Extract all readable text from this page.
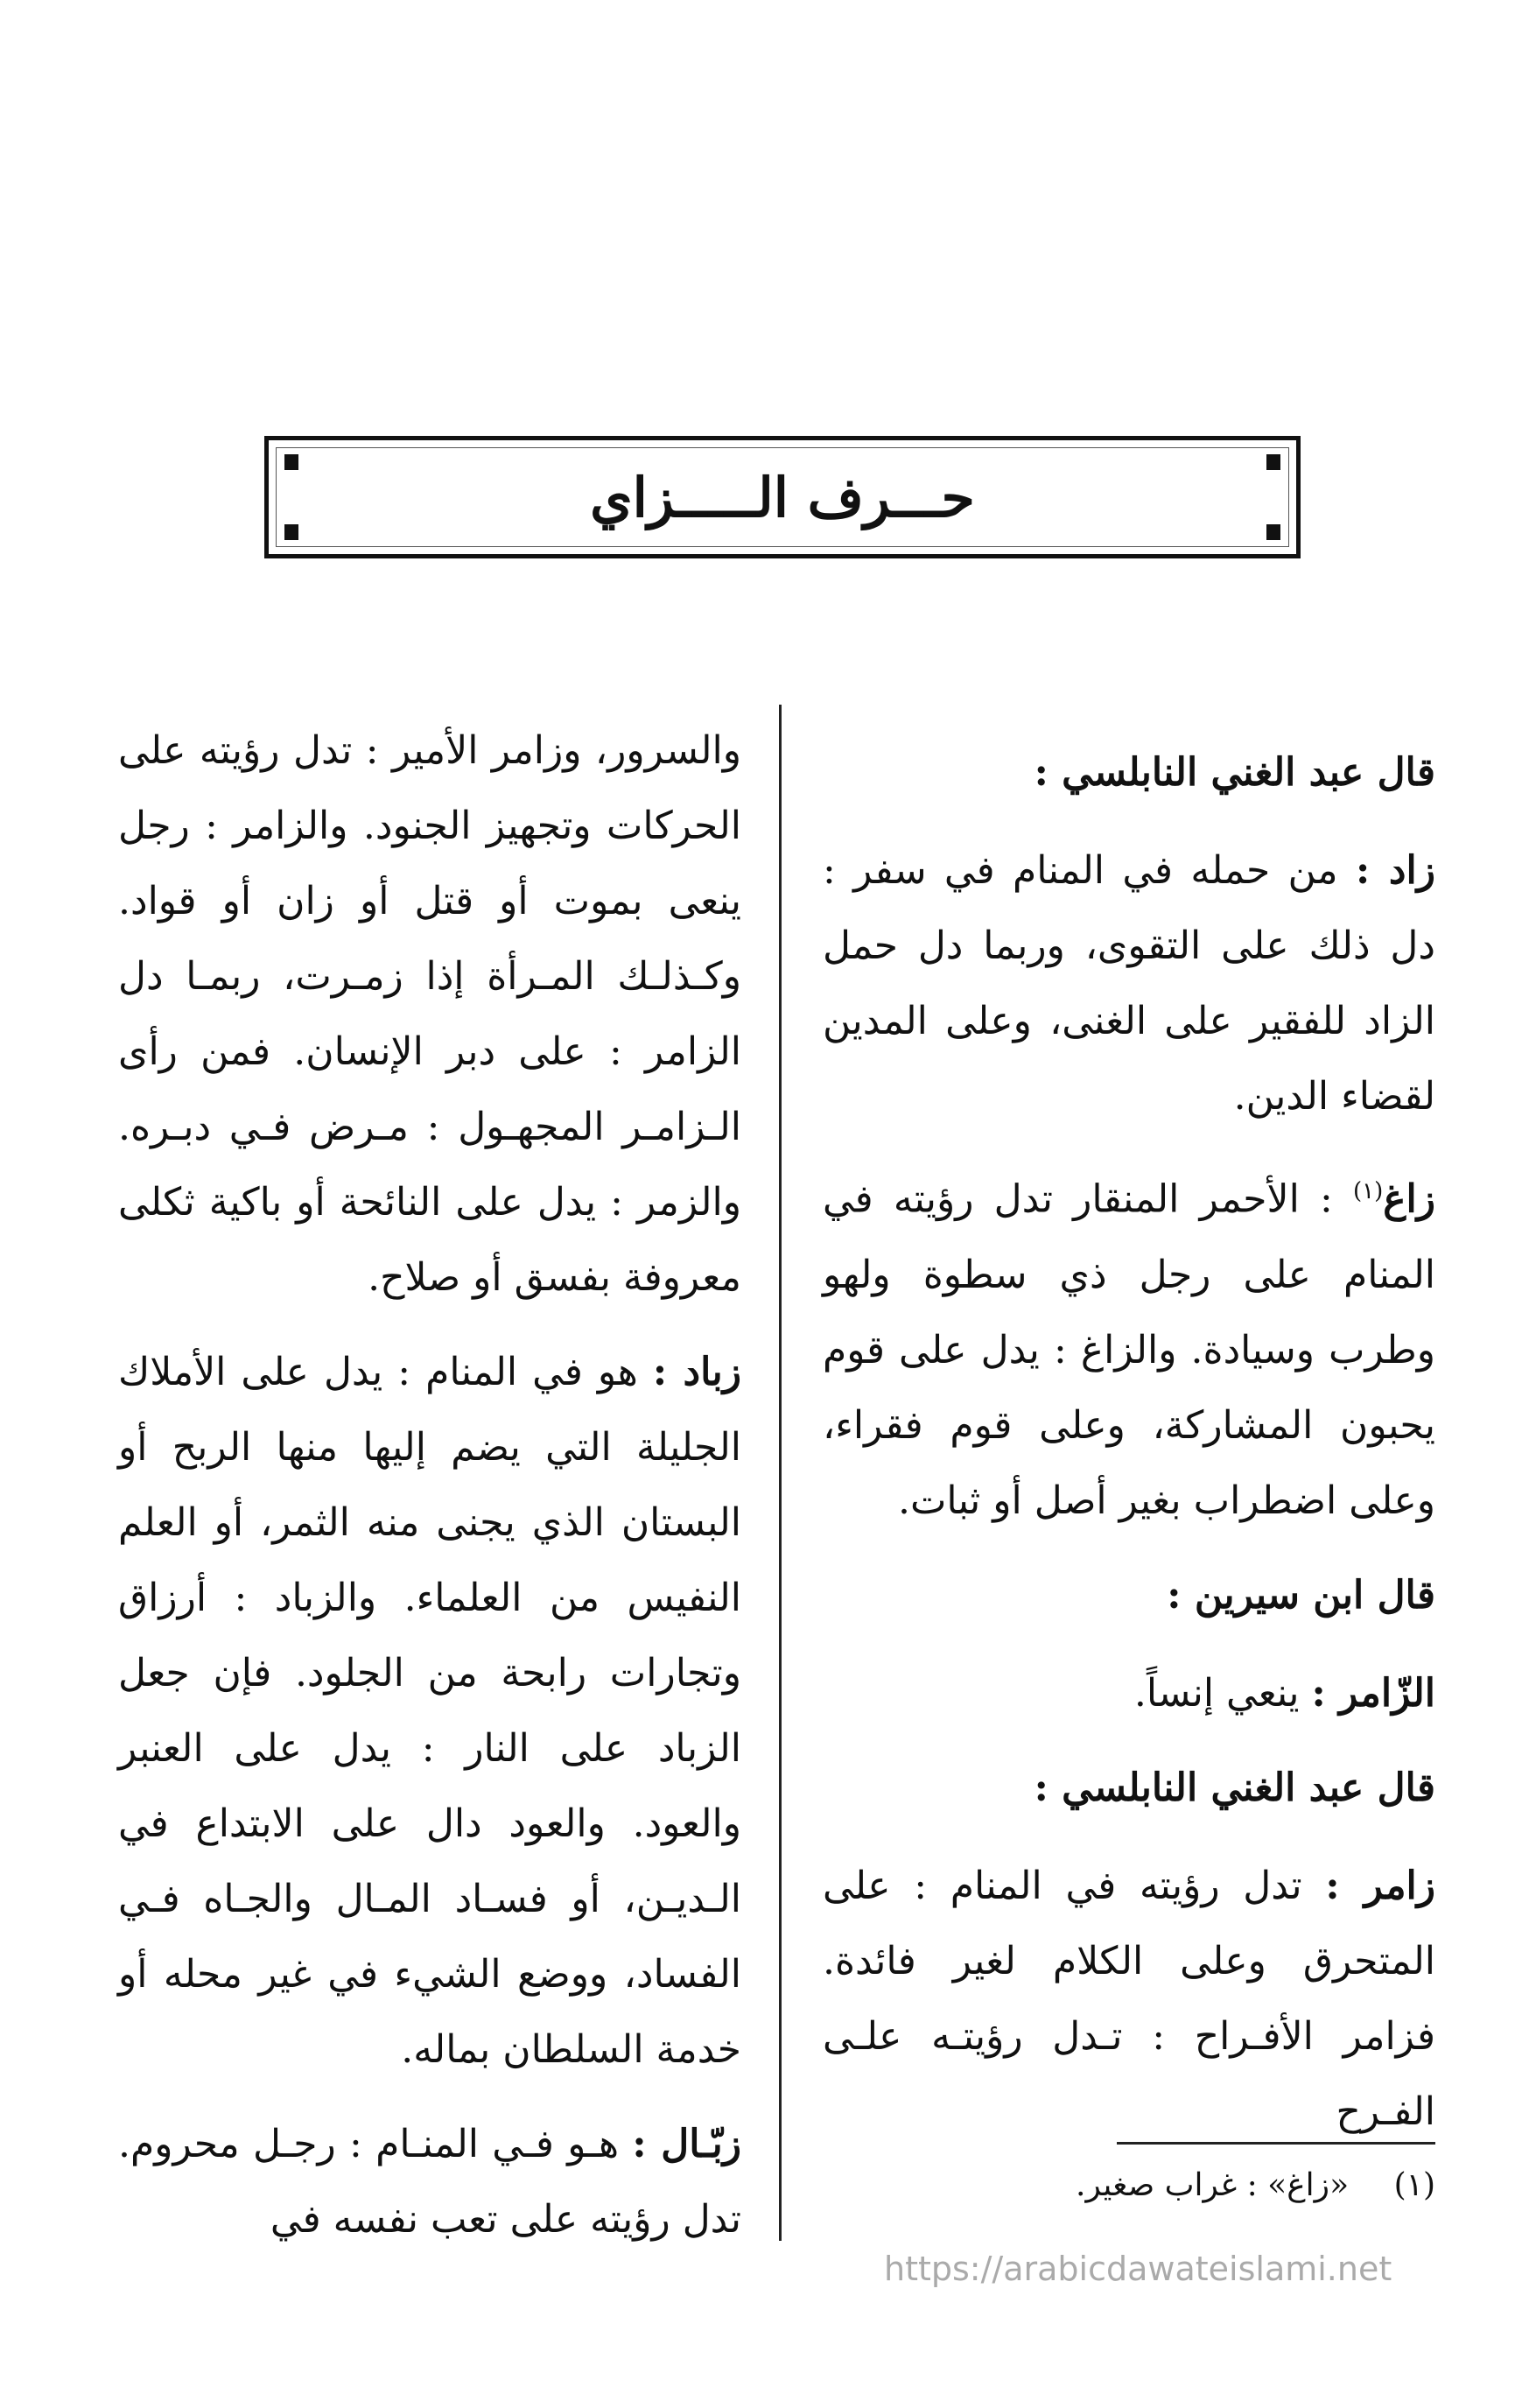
حـــرف الـــــزاي

قال عبد الغني النابلسي :

زاد : من حمله في المنام في سفر : دل ذلك على التقوى، وربما دل حمل الزاد للفقير على الغنى، وعلى المدين لقضاء الدين.

زاغ$^{(١)}$ : الأحمر المنقار تدل رؤيته في المنام على رجل ذي سطوة ولهو وطرب وسيادة. والزاغ : يدل على قوم يحبون المشاركة، وعلى قوم فقراء، وعلى اضطراب بغير أصل أو ثبات.

قال ابن سيرين :

الزّامر : ينعي إنساً.

قال عبد الغني النابلسي :

زامر : تدل رؤيته في المنام : على المتحرق وعلى الكلام لغير فائدة. فزامر الأفـراح : تـدل رؤيتـه علـى الفـرح

والسرور، وزامر الأمير : تدل رؤيته على الحركات وتجهيز الجنود. والزامر : رجل ينعى بموت أو قتل أو زان أو قواد. وكـذلـك المـرأة إذا زمـرت، ربمـا دل الزامر : على دبر الإنسان. فمن رأى الـزامـر المجهـول : مـرض فـي دبـره. والزمر : يدل على النائحة أو باكية ثكلى معروفة بفسق أو صلاح.

زباد : هو في المنام : يدل على الأملاك الجليلة التي يضم إليها منها الربح أو البستان الذي يجنى منه الثمر، أو العلم النفيس من العلماء. والزباد : أرزاق وتجارات رابحة من الجلود. فإن جعل الزباد على النار : يدل على العنبر والعود. والعود دال على الابتداع في الـديـن، أو فسـاد المـال والجـاه فـي الفساد، ووضع الشيء في غير محله أو خدمة السلطان بماله.

زبّـال : هـو فـي المنـام : رجـل محروم. تدل رؤيته على تعب نفسه في

(١) «زاغ» : غراب صغير.
https://arabicdawateislami.net
